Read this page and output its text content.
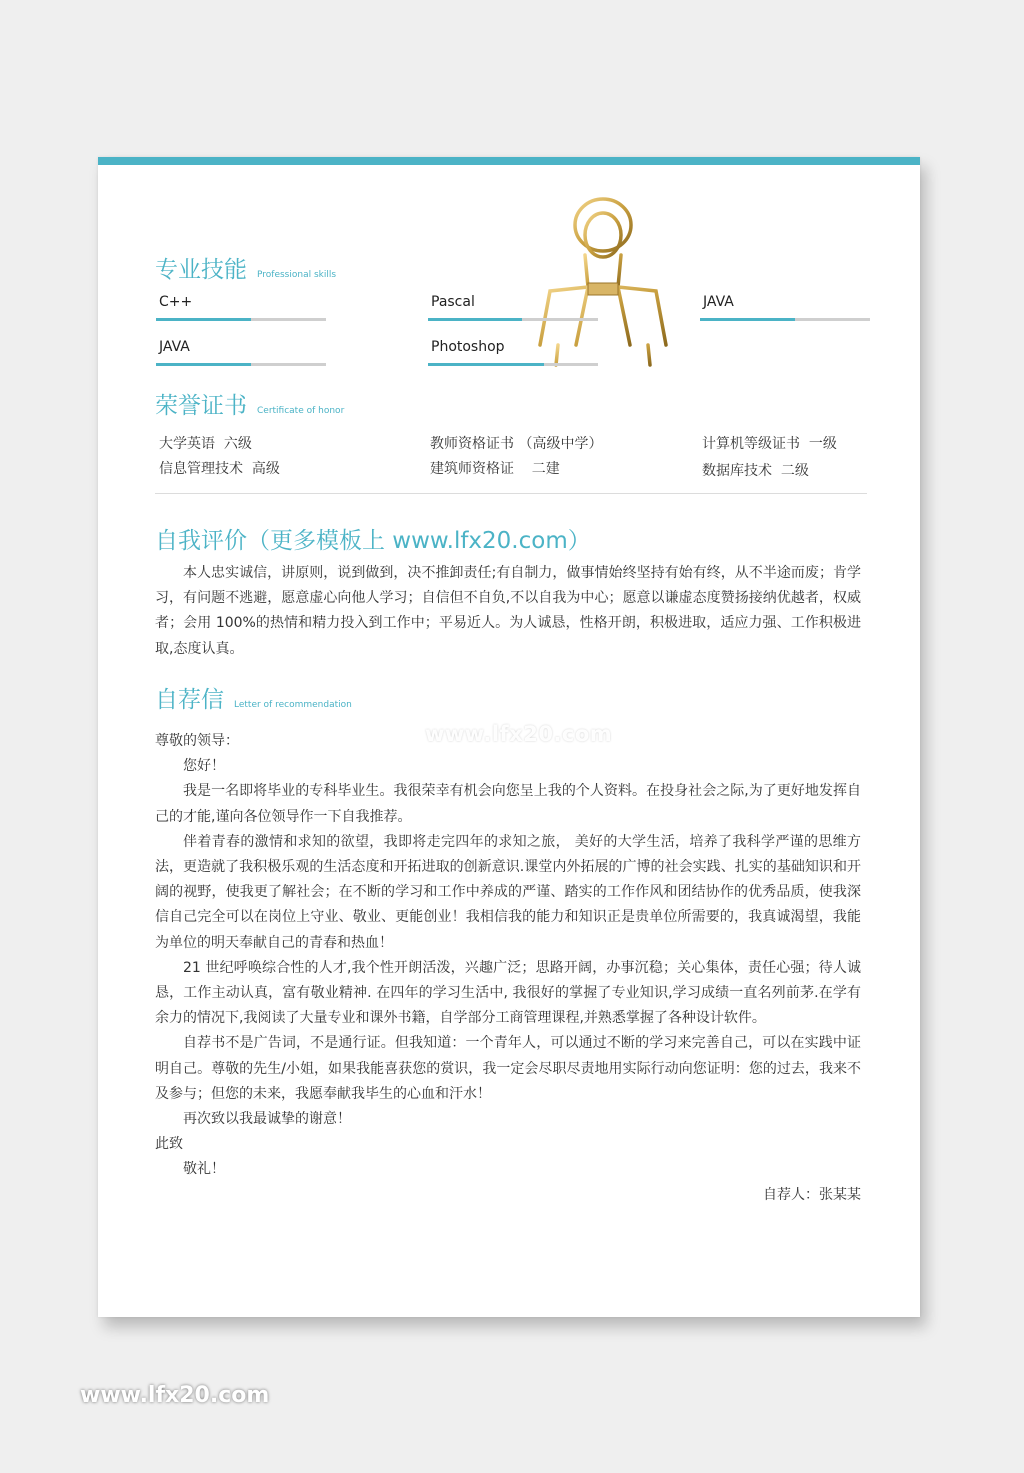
专业技能 Professional skills
C++	Pascal	JAVA
JAVA	Photoshop
荣誉证书 Certificate of honor
大学英语  六级	教师资格证书 （高级中学）	计算机等级证书  一级
信息管理技术  高级	建筑师资格证    二建	数据库技术  二级
自我评价（更多模板上 www.lfx20.com）
本人忠实诚信，讲原则，说到做到，决不推卸责任;有自制力，做事情始终坚持有始有终，从不半途而废；肯学习，有问题不逃避，愿意虚心向他人学习；自信但不自负,不以自我为中心；愿意以谦虚态度赞扬接纳优越者，权威者；会用 100%的热情和精力投入到工作中；平易近人。为人诚恳，性格开朗，积极进取，适应力强、工作积极进取,态度认真。
自荐信 Letter of recommendation
尊敬的领导：
您好！
我是一名即将毕业的专科毕业生。我很荣幸有机会向您呈上我的个人资料。在投身社会之际,为了更好地发挥自己的才能,谨向各位领导作一下自我推荐。
伴着青春的激情和求知的欲望，我即将走完四年的求知之旅， 美好的大学生活，培养了我科学严谨的思维方法，更造就了我积极乐观的生活态度和开拓进取的创新意识.课堂内外拓展的广博的社会实践、扎实的基础知识和开阔的视野，使我更了解社会；在不断的学习和工作中养成的严谨、踏实的工作作风和团结协作的优秀品质，使我深信自己完全可以在岗位上守业、敬业、更能创业！我相信我的能力和知识正是贵单位所需要的，我真诚渴望，我能为单位的明天奉献自己的青春和热血！
21 世纪呼唤综合性的人才,我个性开朗活泼，兴趣广泛；思路开阔，办事沉稳；关心集体，责任心强；待人诚恳，工作主动认真，富有敬业精神. 在四年的学习生活中, 我很好的掌握了专业知识,学习成绩一直名列前茅.在学有余力的情况下,我阅读了大量专业和课外书籍，自学部分工商管理课程,并熟悉掌握了各种设计软件。
自荐书不是广告词，不是通行证。但我知道：一个青年人，可以通过不断的学习来完善自己，可以在实践中证明自己。尊敬的先生/小姐，如果我能喜获您的赏识，我一定会尽职尽责地用实际行动向您证明：您的过去，我来不及参与；但您的未来，我愿奉献我毕生的心血和汗水！
再次致以我最诚挚的谢意！
此致
敬礼！
自荐人：张某某
www.lfx20.com
www.lfx20.com
